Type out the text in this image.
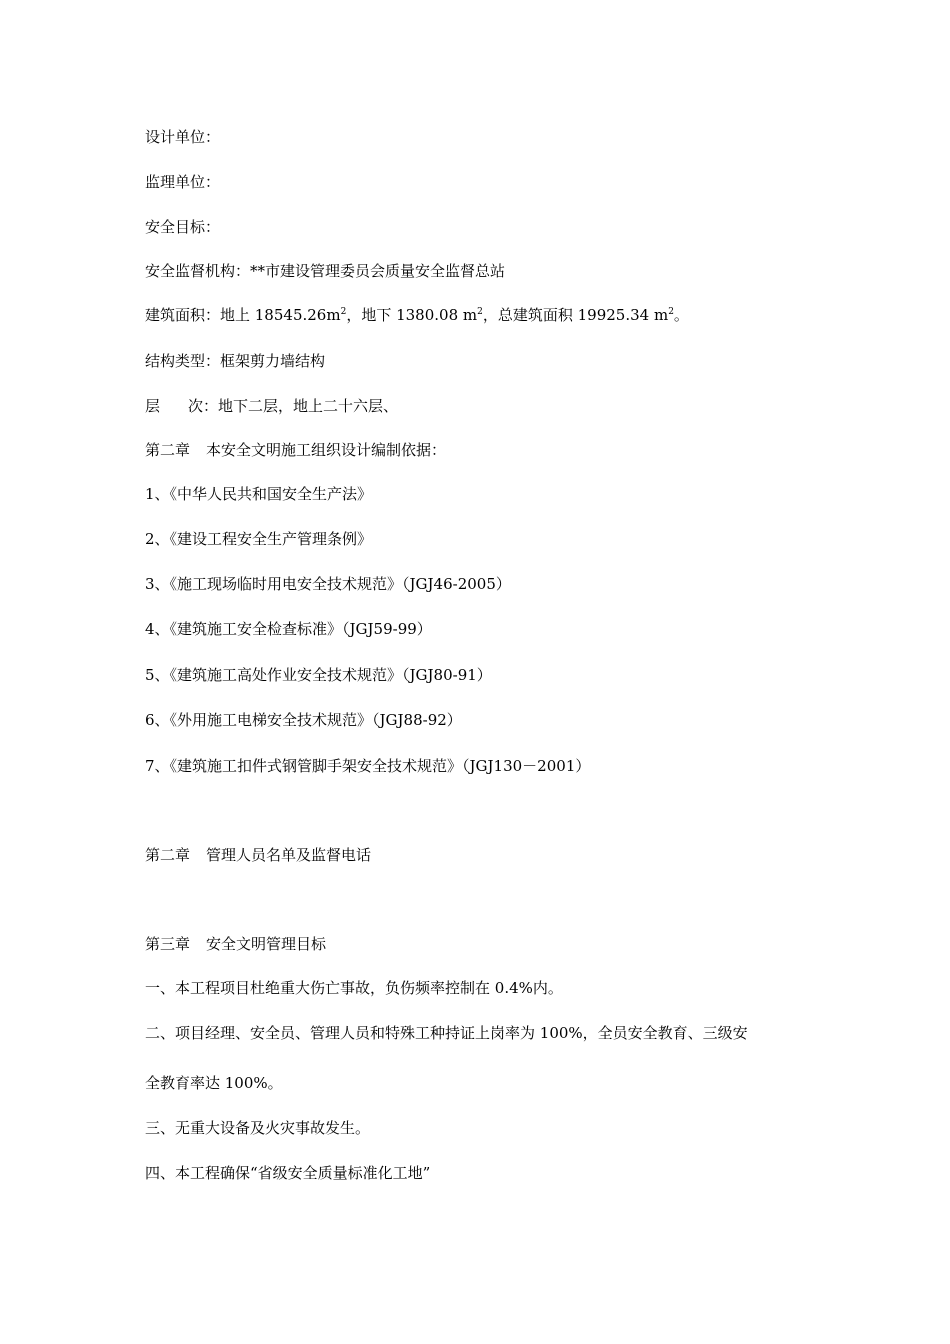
设计单位：
监理单位：
安全目标：
安全监督机构：**市建设管理委员会质量安全监督总站
建筑面积：地上 $18545.26m^2$，地下 1380.08 $m^2$，总建筑面积 19925.34 $m^2$。
结构类型：框架剪力墙结构
层 次：地下二层，地上二十六层、
第二章 本安全文明施工组织设计编制依据：
1、《中华人民共和国安全生产法》
2、《建设工程安全生产管理条例》
3、《施工现场临时用电安全技术规范》（JGJ46-2005）
4、《建筑施工安全检查标准》（JGJ59-99）
5、《建筑施工高处作业安全技术规范》（JGJ80-91）
6、《外用施工电梯安全技术规范》（JGJ88-92）
7、《建筑施工扣件式钢管脚手架安全技术规范》（JGJ130－2001）
第二章 管理人员名单及监督电话
第三章 安全文明管理目标
一、本工程项目杜绝重大伤亡事故，负伤频率控制在 0.4%内。
二、项目经理、安全员、管理人员和特殊工种持证上岗率为 100%，全员安全教育、三级安
全教育率达 100%。
三、无重大设备及火灾事故发生。
四、本工程确保“省级安全质量标准化工地”
